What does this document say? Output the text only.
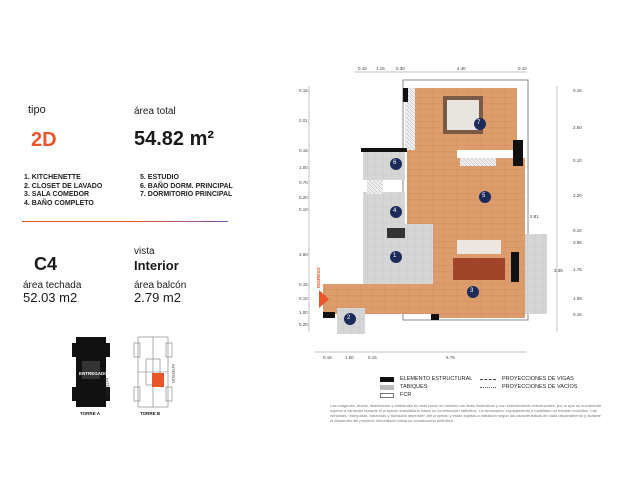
tipo	área total
2D	54.82 m²
1. KITCHENETTE
2. CLOSET DE LAVADO
3. SALA COMEDOR
4. BAÑO COMPLETO
5. ESTUDIO
6. BAÑO DORM. PRINCIPAL
7. DORMITORIO PRINCIPAL
vista
C4	Interior
área techada	área balcón
52.03 m2	2.79 m2
ENTREGADO
INTERIOR
INTERIOR
TORRE A	TORRE B
7
6
5
4
1
3
2
INGRESO
0.15 1.15 0.30	4.30	0.10
0.15	1.50	0.15	5.75
0.15
2.01
0.15
1.00
0.70
0.20
0.10
2.60
0.15
0.10
1.00
0.20
0.15
2.50
0.10
2.20
0.10
3.85
1.76
1.59
0.15
2.81
3.35
ELEMENTO ESTRUCTURAL
TABIQUES
FCR
PROYECCIONES DE VIGAS
PROYECCIONES DE VACÍOS
Las imágenes, textos, distribución y ambientes en este plano se brindan con fines ilustrativos y son estrictamente referenciales, por lo que se encuentran sujetos a variación durante el proyecto inmobiliario hasta su construcción definitiva. La decoración, equipamiento y mobiliario no estarán incluidos. Las ventanas, mamparas, barandas y fachadas dependen del proyecto y están sujetas a variación según las características de cada departamento y durante el desarrollo del proyecto inmobiliario hasta su construcción definitiva.
